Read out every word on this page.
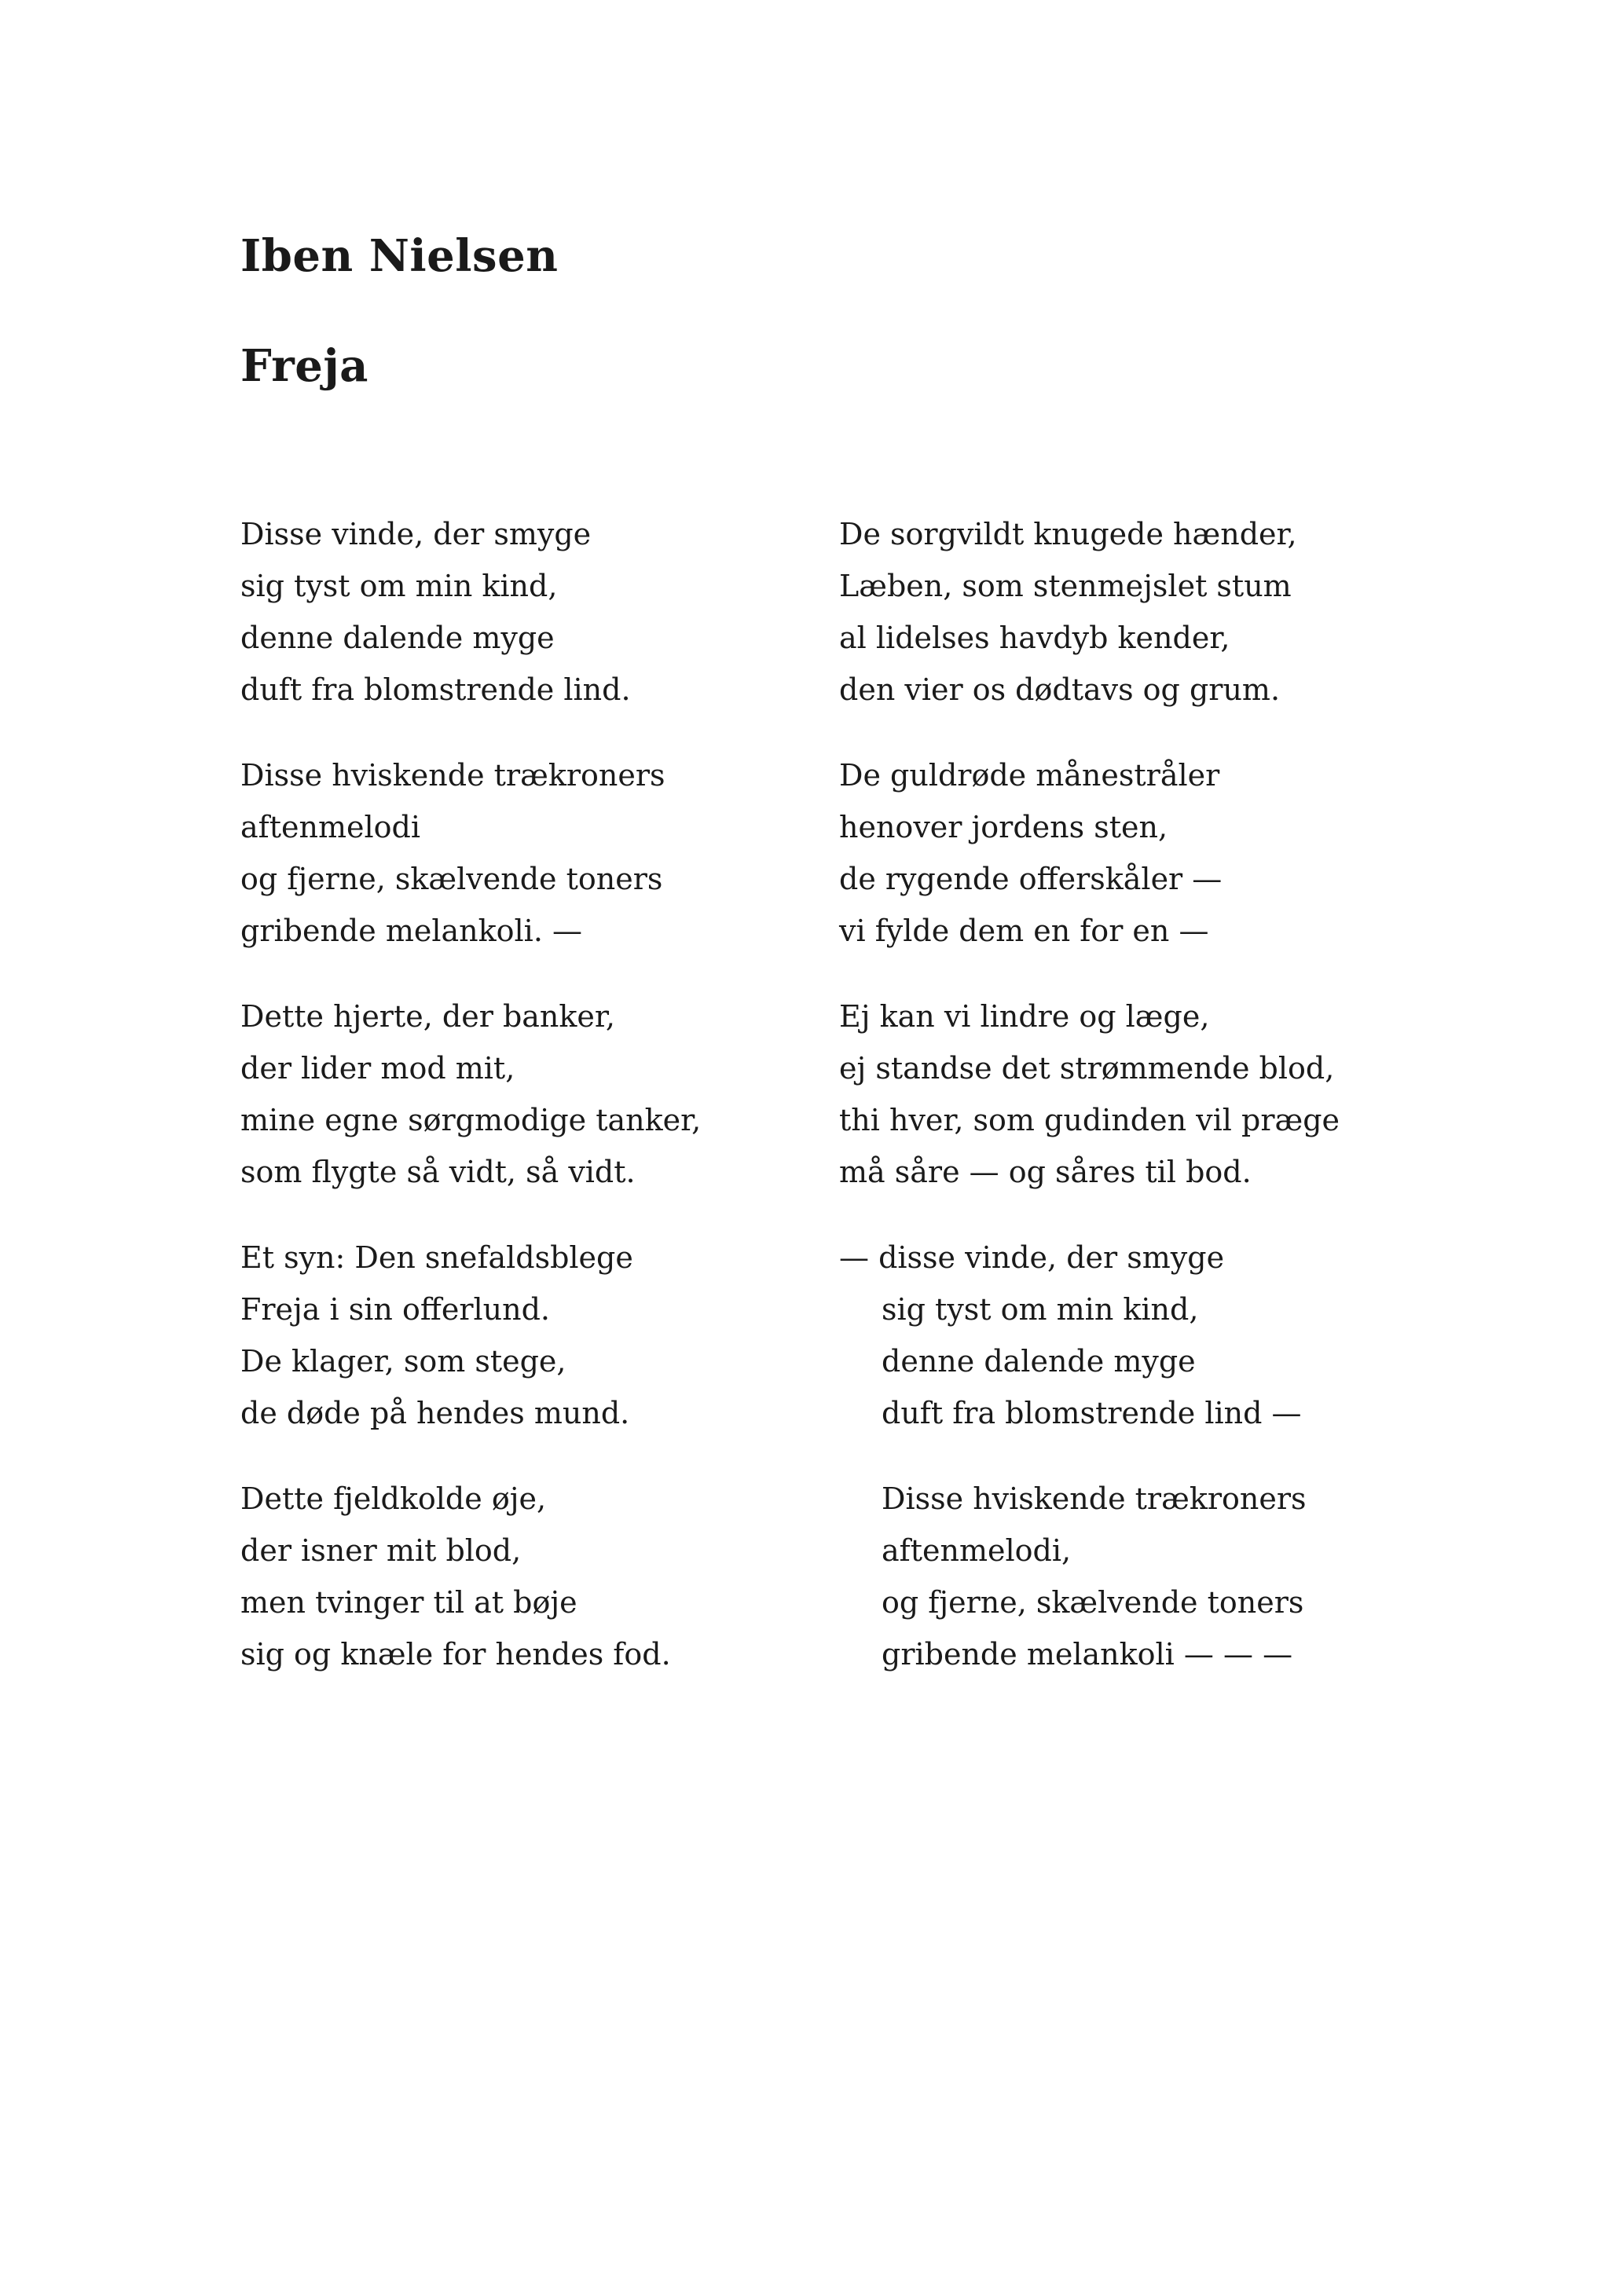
Iben Nielsen
Freja
Disse vinde, der smyge
sig tyst om min kind,
denne dalende myge
duft fra blomstrende lind.
Disse hviskende trækroners
aftenmelodi
og fjerne, skælvende toners
gribende melankoli. —
Dette hjerte, der banker,
der lider mod mit,
mine egne sørgmodige tanker,
som flygte så vidt, så vidt.
Et syn: Den snefaldsblege
Freja i sin offerlund.
De klager, som stege,
de døde på hendes mund.
Dette fjeldkolde øje,
der isner mit blod,
men tvinger til at bøje
sig og knæle for hendes fod.
De sorgvildt knugede hænder,
Læben, som stenmejslet stum
al lidelses havdyb kender,
den vier os dødtavs og grum.
De guldrøde månestråler
henover jordens sten,
de rygende offerskåler —
vi fylde dem en for en —
Ej kan vi lindre og læge,
ej standse det strømmende blod,
thi hver, som gudinden vil præge
må såre — og såres til bod.
— disse vinde, der smyge
sig tyst om min kind,
denne dalende myge
duft fra blomstrende lind —
Disse hviskende trækroners
aftenmelodi,
og fjerne, skælvende toners
gribende melankoli — — —
